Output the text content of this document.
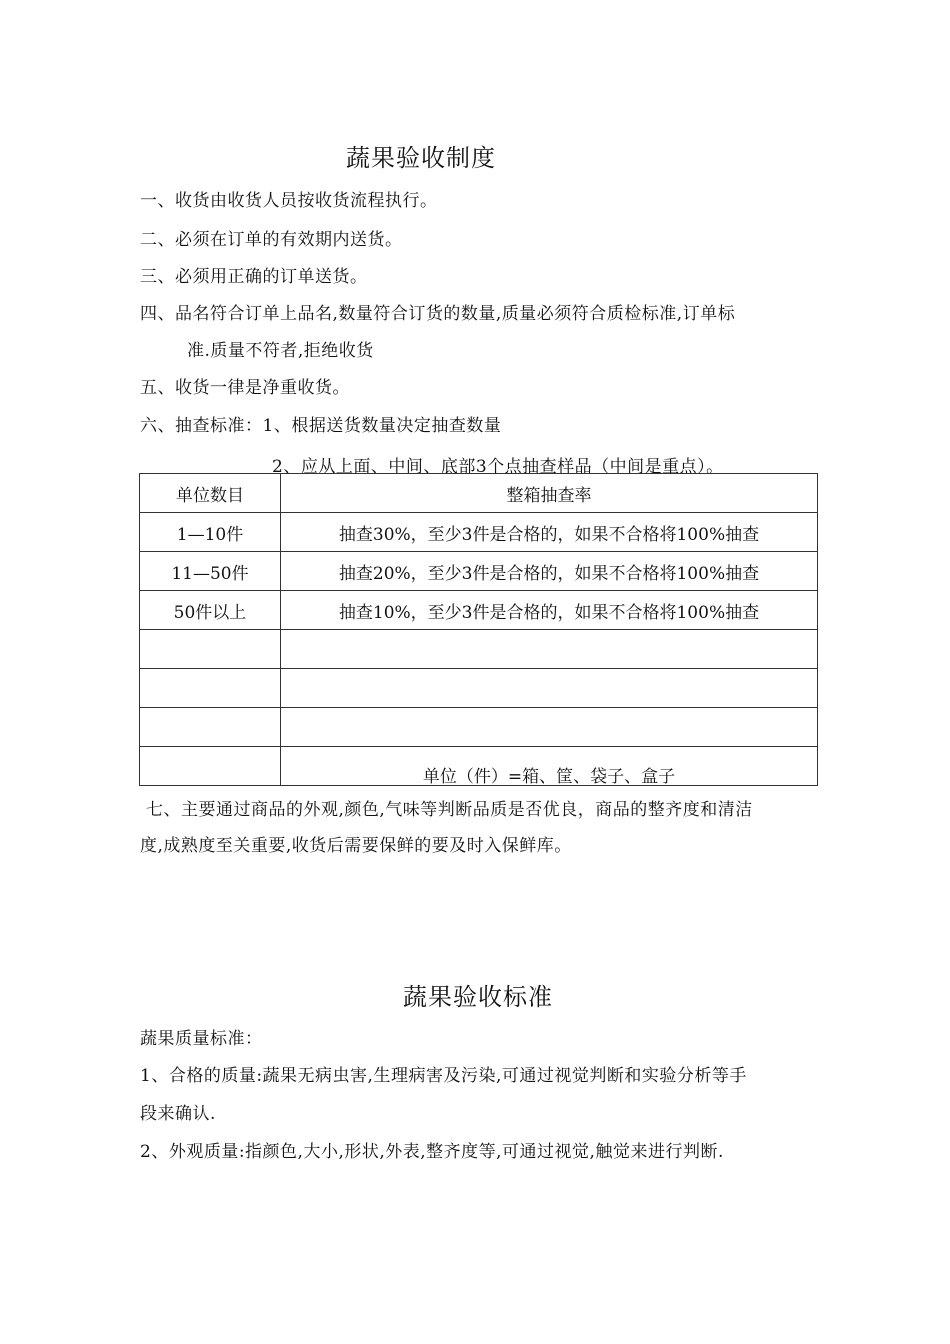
蔬果验收制度
一、收货由收货人员按收货流程执行。
二、必须在订单的有效期内送货。
三、必须用正确的订单送货。
四、品名符合订单上品名,数量符合订货的数量,质量必须符合质检标准,订单标
准.质量不符者,拒绝收货
五、收货一律是净重收货。
六、抽查标准：1、根据送货数量决定抽查数量
2、应从上面、中间、底部3个点抽查样品（中间是重点）。
单位数目	整箱抽查率
1—10件	抽查30%，至少3件是合格的，如果不合格将100%抽查
11—50件	抽查20%，至少3件是合格的，如果不合格将100%抽查
50件以上	抽查10%，至少3件是合格的，如果不合格将100%抽查

	单位（件）=箱、筐、袋子、盒子
七、主要通过商品的外观,颜色,气味等判断品质是否优良，商品的整齐度和清洁
度,成熟度至关重要,收货后需要保鲜的要及时入保鲜库。
蔬果验收标准
蔬果质量标准：
1、合格的质量:蔬果无病虫害,生理病害及污染,可通过视觉判断和实验分析等手
段来确认.
2、外观质量:指颜色,大小,形状,外表,整齐度等,可通过视觉,触觉来进行判断.
